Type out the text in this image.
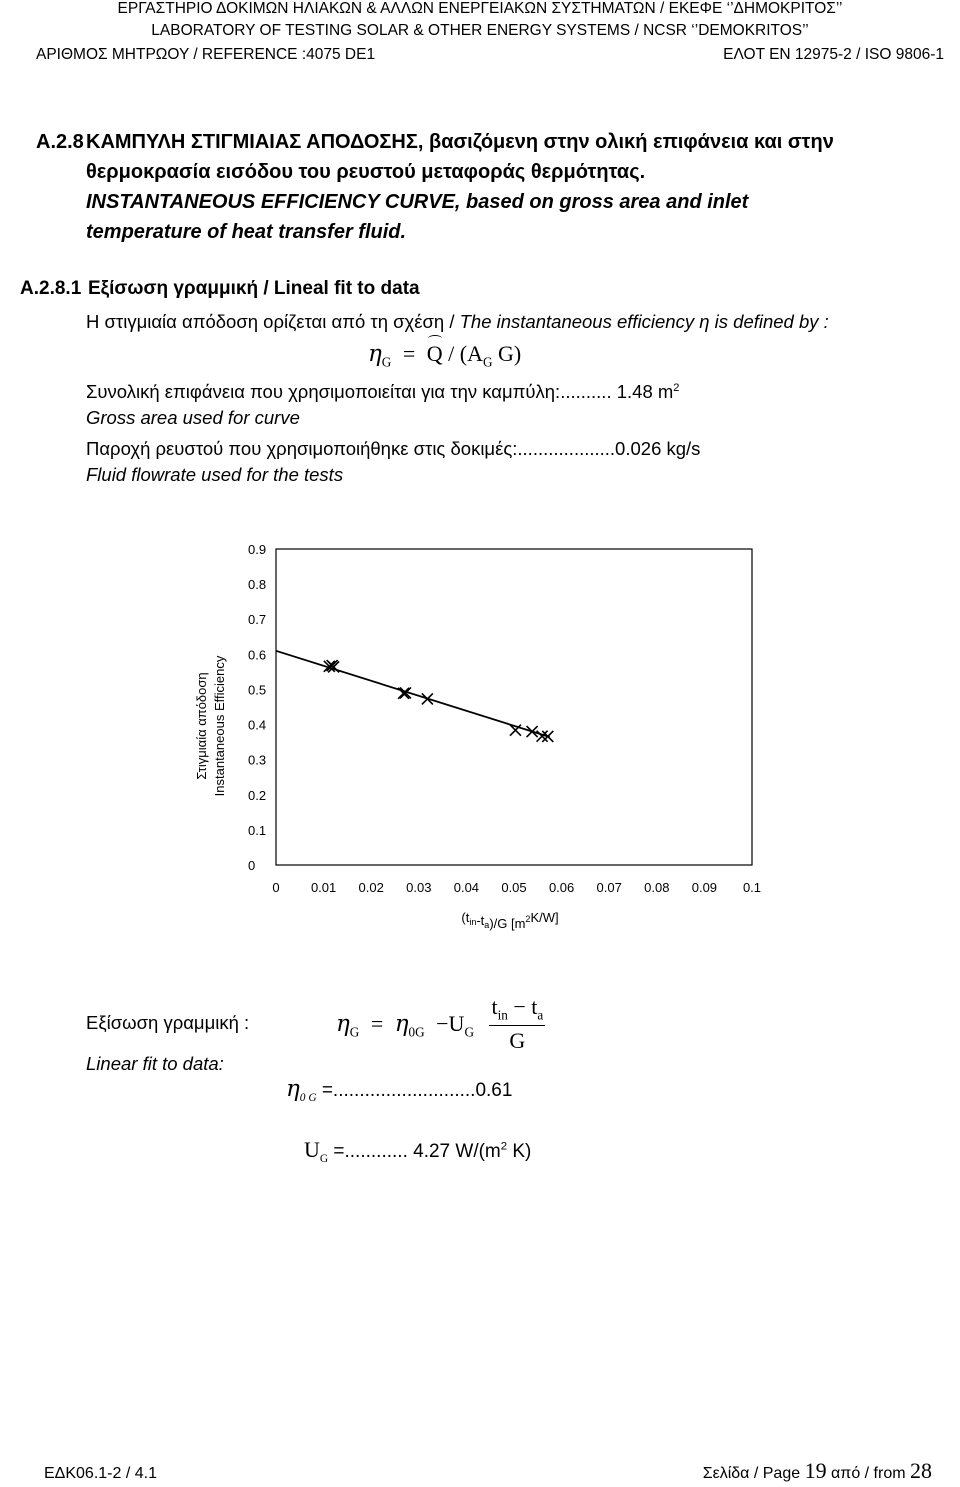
ΕΡΓΑΣΤΗΡΙΟ ΔΟΚΙΜΩΝ ΗΛΙΑΚΩΝ & ΑΛΛΩΝ ΕΝΕΡΓΕΙΑΚΩΝ ΣΥΣΤΗΜΑΤΩΝ / ΕΚΕΦΕ ‘’ΔΗΜΟΚΡΙΤΟΣ’’
LABORATORY OF TESTING SOLAR & OTHER ENERGY SYSTEMS / NCSR ‘’DEMOKRITOS’’
ΑΡΙΘΜΟΣ ΜΗΤΡΩΟΥ / REFERENCE :4075 DE1	ΕΛΟΤ ΕΝ 12975-2 / ISO 9806-1
A.2.8 ΚΑΜΠΥΛΗ ΣΤΙΓΜΙΑΙΑΣ ΑΠΟΔΟΣΗΣ, βασιζόμενη στην ολική επιφάνεια και στην
θερμοκρασία εισόδου του ρευστού μεταφοράς θερμότητας.
INSTANTANEOUS EFFICIENCY CURVE, based on gross area and inlet
temperature of heat transfer fluid.
A.2.8.1 Εξίσωση γραμμική / Lineal fit to data
Η στιγμιαία απόδοση ορίζεται από τη σχέση / The instantaneous efficiency η is defined by :
$\eta_G = Q / (A_G$ G)
Συνολική επιφάνεια που χρησιμοποιείται για την καμπύλη:.......... 1.48 $m^2$
Gross area used for curve
Παροχή ρευστού που χρησιμοποιήθηκε στις δοκιμές:...................0.026 kg/s
Fluid flowrate used for the tests
0
0.1
0.2
0.3
0.4
0.5
0.6
0.7
0.8
0.9
0 0.01 0.02 0.03 0.04 0.05 0.06 0.07 0.08 0.09 0.1
Στιγμιαία απόδοση Instantaneous Efficiency
$(t_{in}-t_a)/G$ $[m^2K/W]$
Εξίσωση γραμμική :
Linear fit to data:
$\eta_G = \eta_{0G} -U_G \frac{t_{in} - t_a}{G}$
$\eta_{0 G} =...........................0.61$
$U_G$ =............ 4.27 $W/(m^2$ K)
ΕΔΚ06.1-2 / 4.1	Σελίδα / Page 19 από / from 28
